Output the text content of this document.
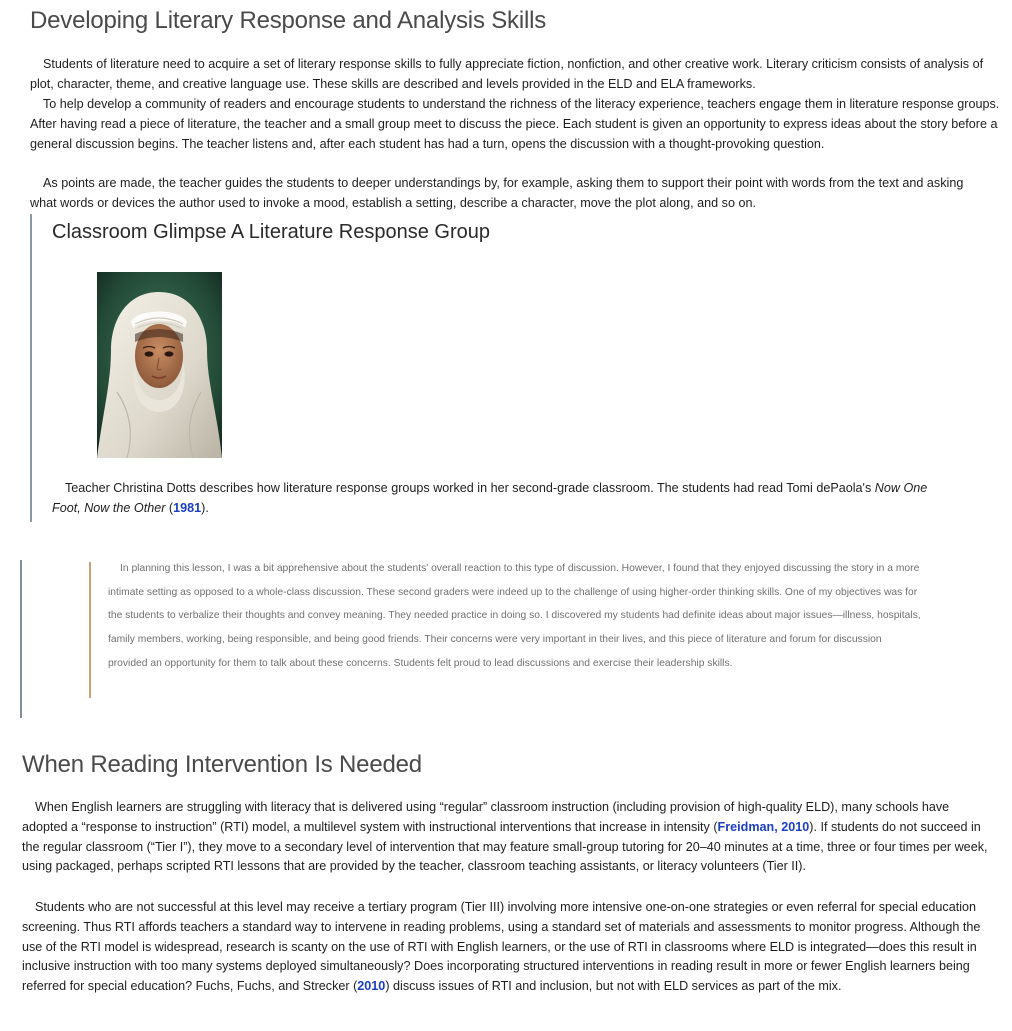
Developing Literary Response and Analysis Skills

Students of literature need to acquire a set of literary response skills to fully appreciate fiction, nonfiction, and other creative work. Literary criticism consists of analysis of plot, character, theme, and creative language use. These skills are described and levels provided in the ELD and ELA frameworks.

To help develop a community of readers and encourage students to understand the richness of the literacy experience, teachers engage them in literature response groups. After having read a piece of literature, the teacher and a small group meet to discuss the piece. Each student is given an opportunity to express ideas about the story before a general discussion begins. The teacher listens and, after each student has had a turn, opens the discussion with a thought-provoking question.

As points are made, the teacher guides the students to deeper understandings by, for example, asking them to support their point with words from the text and asking what words or devices the author used to invoke a mood, establish a setting, describe a character, move the plot along, and so on.

Classroom Glimpse A Literature Response Group

Teacher Christina Dotts describes how literature response groups worked in her second-grade classroom. The students had read Tomi dePaola's Now One Foot, Now the Other (1981).

In planning this lesson, I was a bit apprehensive about the students' overall reaction to this type of discussion. However, I found that they enjoyed discussing the story in a more intimate setting as opposed to a whole-class discussion. These second graders were indeed up to the challenge of using higher-order thinking skills. One of my objectives was for the students to verbalize their thoughts and convey meaning. They needed practice in doing so. I discovered my students had definite ideas about major issues—illness, hospitals, family members, working, being responsible, and being good friends. Their concerns were very important in their lives, and this piece of literature and forum for discussion provided an opportunity for them to talk about these concerns. Students felt proud to lead discussions and exercise their leadership skills.

When Reading Intervention Is Needed

When English learners are struggling with literacy that is delivered using “regular” classroom instruction (including provision of high-quality ELD), many schools have adopted a “response to instruction” (RTI) model, a multilevel system with instructional interventions that increase in intensity (Freidman, 2010). If students do not succeed in the regular classroom (“Tier I”), they move to a secondary level of intervention that may feature small-group tutoring for 20–40 minutes at a time, three or four times per week, using packaged, perhaps scripted RTI lessons that are provided by the teacher, classroom teaching assistants, or literacy volunteers (Tier II).

Students who are not successful at this level may receive a tertiary program (Tier III) involving more intensive one-on-one strategies or even referral for special education screening. Thus RTI affords teachers a standard way to intervene in reading problems, using a standard set of materials and assessments to monitor progress. Although the use of the RTI model is widespread, research is scanty on the use of RTI with English learners, or the use of RTI in classrooms where ELD is integrated—does this result in inclusive instruction with too many systems deployed simultaneously? Does incorporating structured interventions in reading result in more or fewer English learners being referred for special education? Fuchs, Fuchs, and Strecker (2010) discuss issues of RTI and inclusion, but not with ELD services as part of the mix.
